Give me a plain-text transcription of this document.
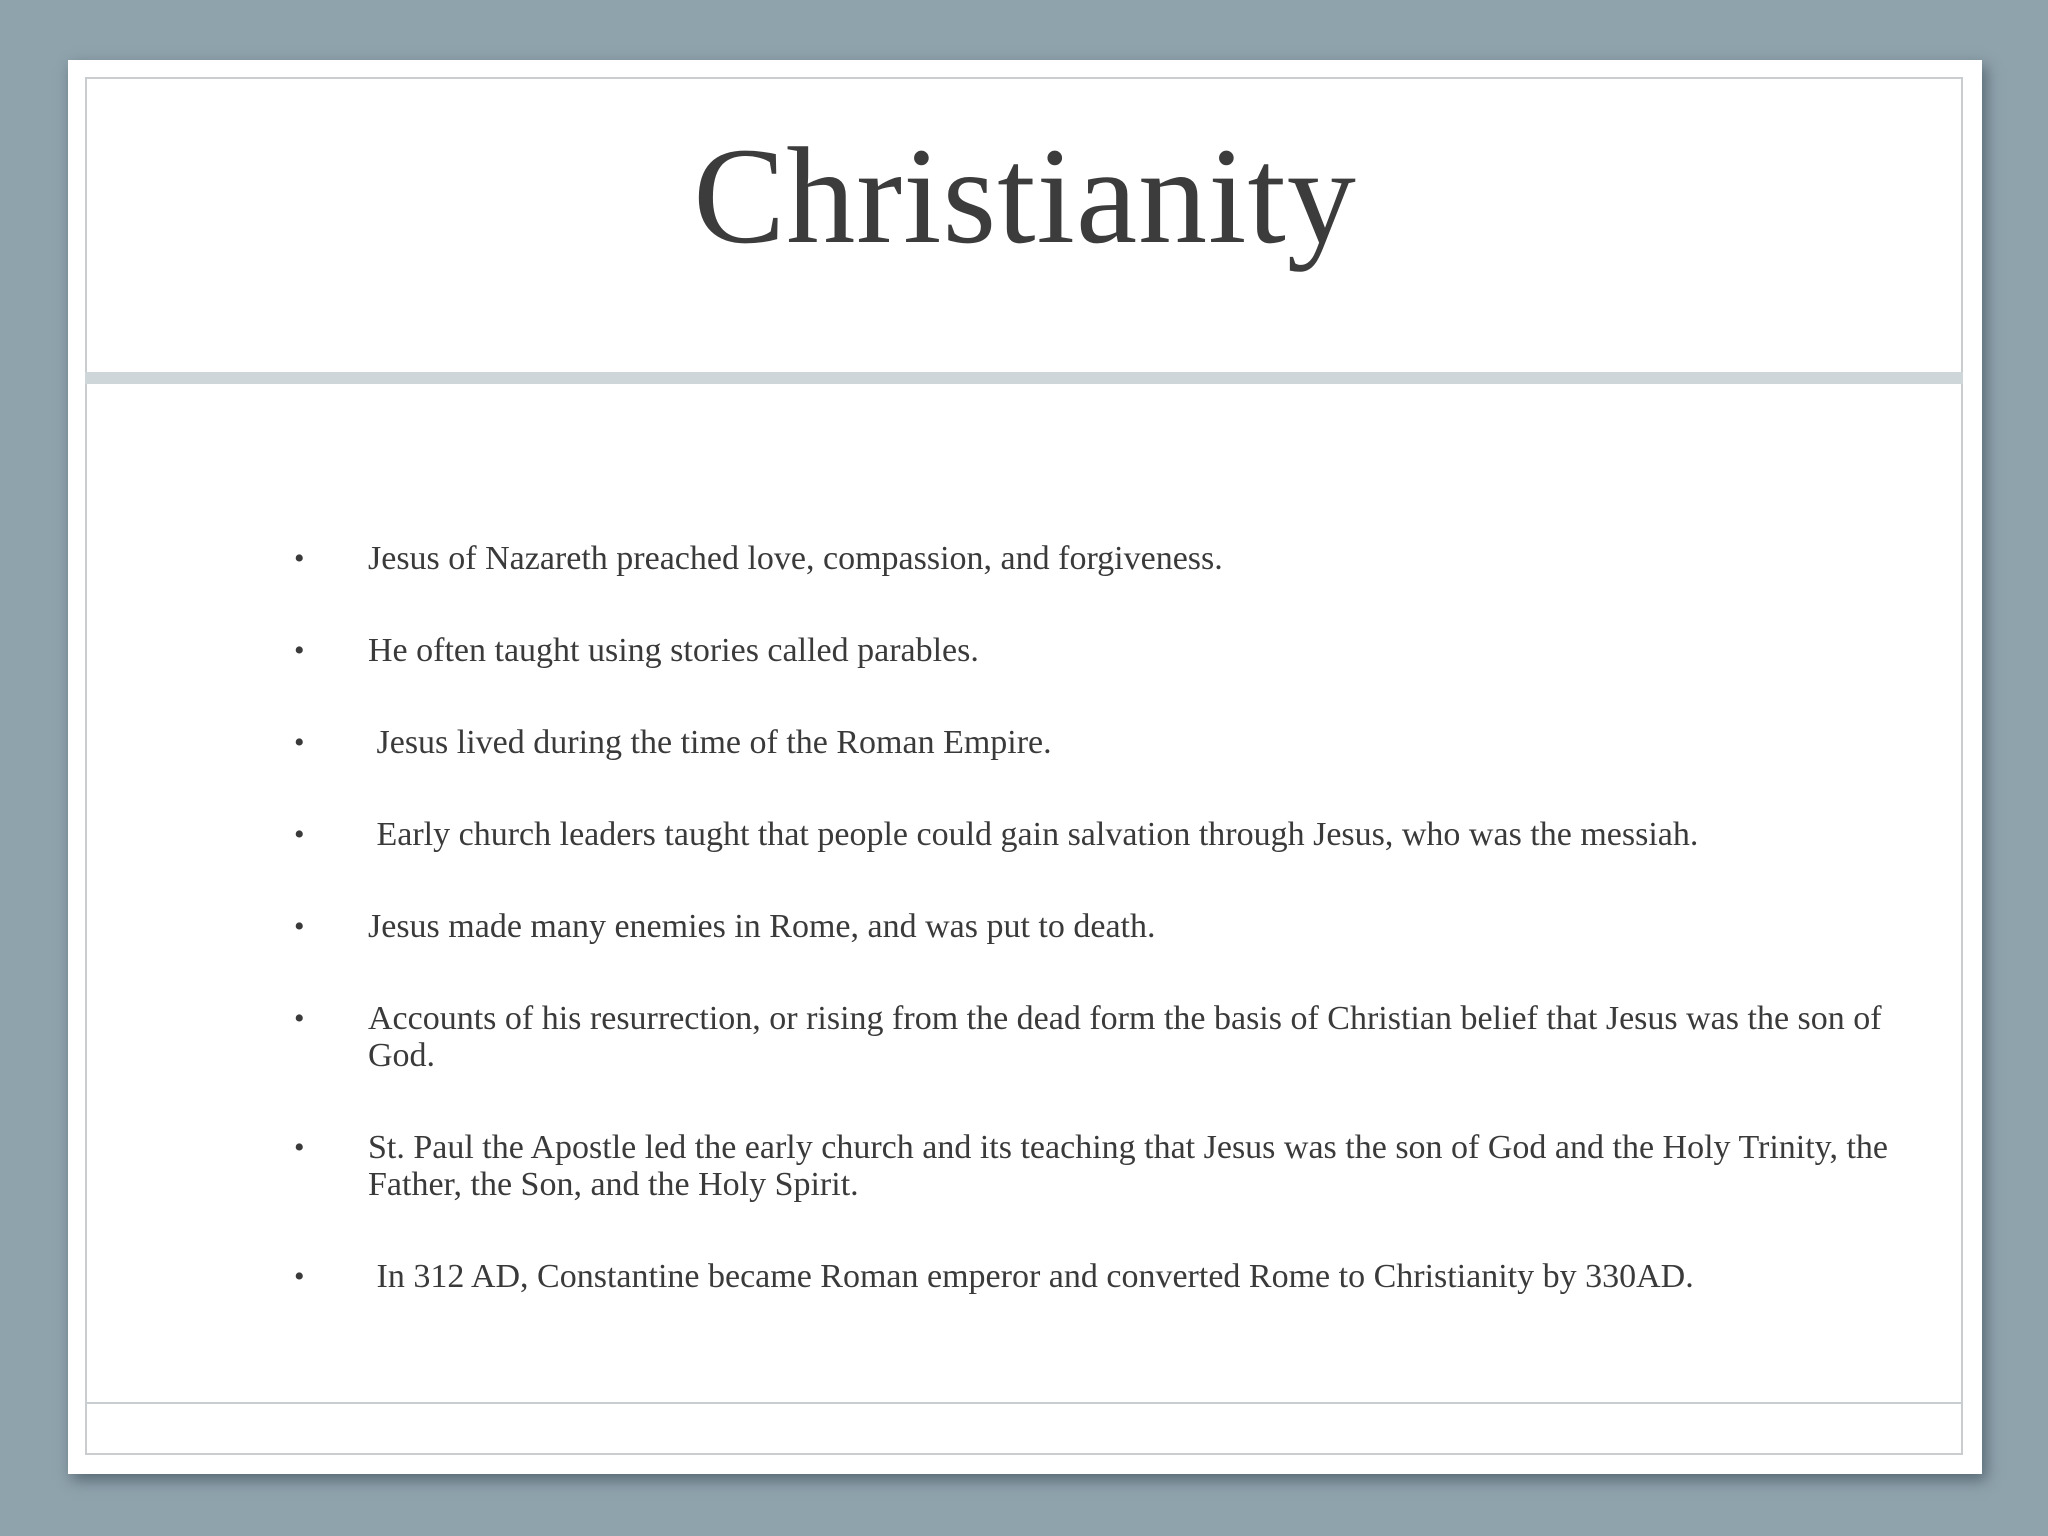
Christianity
• Jesus of Nazareth preached love, compassion, and forgiveness.
• He often taught using stories called parables.
• Jesus lived during the time of the Roman Empire.
• Early church leaders taught that people could gain salvation through Jesus, who was the messiah.
• Jesus made many enemies in Rome, and was put to death.
• Accounts of his resurrection, or rising from the dead form the basis of Christian belief that Jesus was the son of God.
• St. Paul the Apostle led the early church and its teaching that Jesus was the son of God and the Holy Trinity, the Father, the Son, and the Holy Spirit.
• In 312 AD, Constantine became Roman emperor and converted Rome to Christianity by 330AD.
